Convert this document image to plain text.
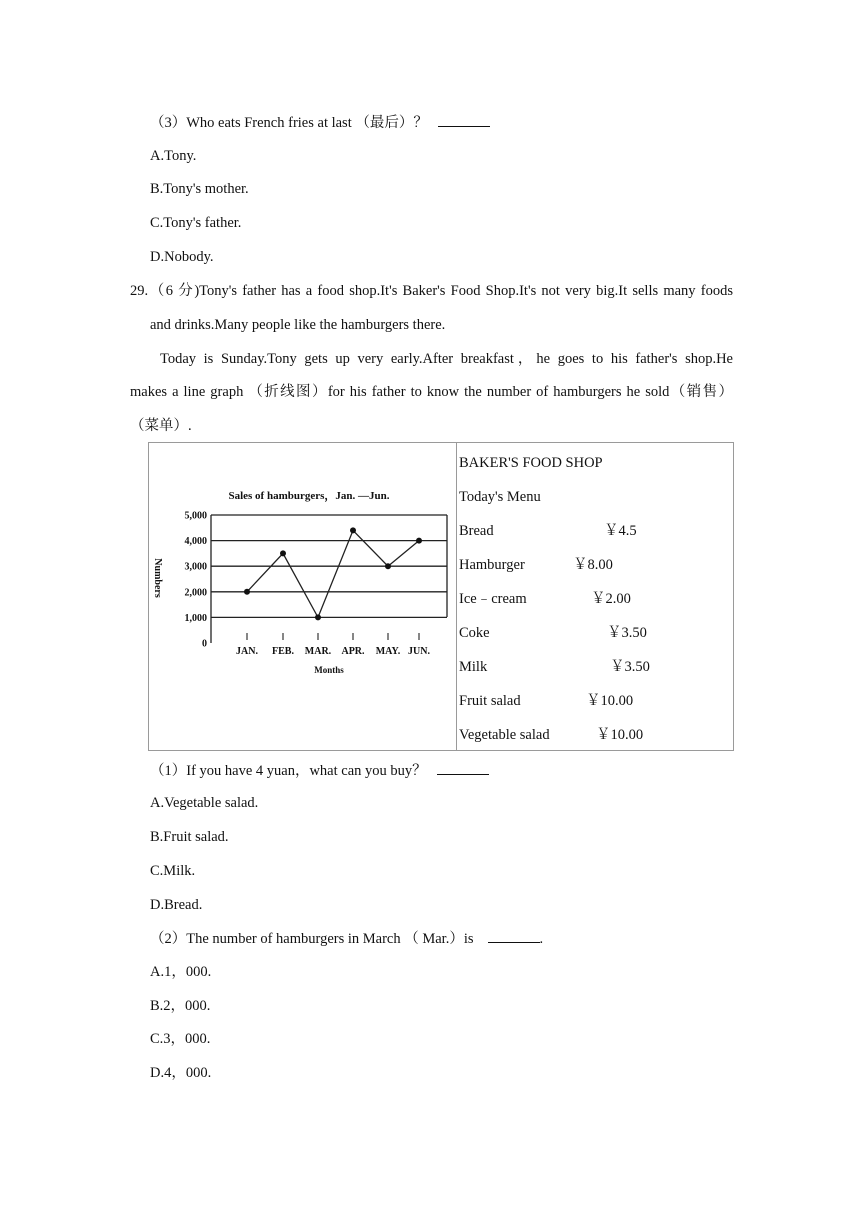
（3）Who eats French fries at last （最后）？
A.Tony.
B.Tony's mother.
C.Tony's father.
D.Nobody.
29.（6 分)Tony's father has a food shop.It's Baker's Food Shop.It's not very big.It sells many foods
and drinks.Many people like the hamburgers there.
Today is Sunday.Tony gets up very early.After breakfast，he goes to his father's shop.He
makes a line graph （折线图）for his father to know the number of hamburgers he sold（销售）
（菜单）.
Sales of hamburgers，Jan. —Jun.
Numbers
Months
0
1,000
2,000
3,000
4,000
5,000
JAN. FEB. MAR. APR. MAY. JUN.
BAKER'S FOOD SHOP
Today's Menu
Bread	￥4.5
Hamburger	￥8.00
Ice﹣cream	￥2.00
Coke	￥3.50
Milk	￥3.50
Fruit salad	￥10.00
Vegetable salad	￥10.00
（1）If you have 4 yuan，what can you buy？
A.Vegetable salad.
B.Fruit salad.
C.Milk.
D.Bread.
（2）The number of hamburgers in March （ Mar.）is	.
A.1，000.
B.2，000.
C.3，000.
D.4，000.
